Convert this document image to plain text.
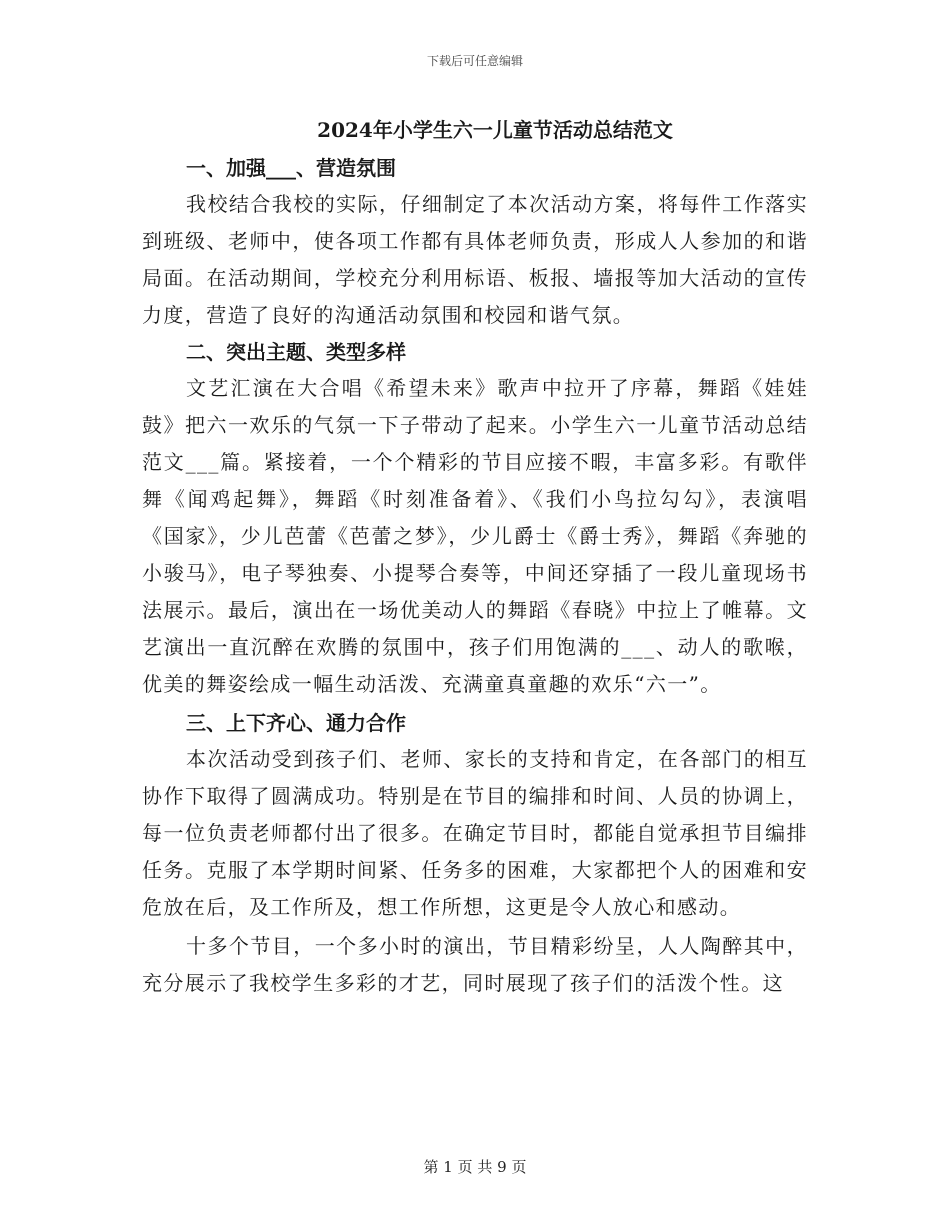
下载后可任意编辑
2024年小学生六一儿童节活动总结范文
一、加强___、营造氛围

我校结合我校的实际，仔细制定了本次活动方案，将每件工作落实到班级、老师中，使各项工作都有具体老师负责，形成人人参加的和谐局面。在活动期间，学校充分利用标语、板报、墙报等加大活动的宣传力度，营造了良好的沟通活动氛围和校园和谐气氛。

二、突出主题、类型多样

文艺汇演在大合唱《希望未来》歌声中拉开了序幕，舞蹈《娃娃鼓》把六一欢乐的气氛一下子带动了起来。小学生六一儿童节活动总结范文___篇。紧接着，一个个精彩的节目应接不暇，丰富多彩。有歌伴舞《闻鸡起舞》，舞蹈《时刻准备着》、《我们小鸟拉勾勾》，表演唱《国家》，少儿芭蕾《芭蕾之梦》，少儿爵士《爵士秀》，舞蹈《奔驰的小骏马》，电子琴独奏、小提琴合奏等，中间还穿插了一段儿童现场书法展示。最后，演出在一场优美动人的舞蹈《春晓》中拉上了帷幕。文艺演出一直沉醉在欢腾的氛围中，孩子们用饱满的___、动人的歌喉，优美的舞姿绘成一幅生动活泼、充满童真童趣的欢乐“六一”。

三、上下齐心、通力合作

本次活动受到孩子们、老师、家长的支持和肯定，在各部门的相互协作下取得了圆满成功。特别是在节目的编排和时间、人员的协调上，每一位负责老师都付出了很多。在确定节目时，都能自觉承担节目编排任务。克服了本学期时间紧、任务多的困难，大家都把个人的困难和安危放在后，及工作所及，想工作所想，这更是令人放心和感动。

十多个节目，一个多小时的演出，节目精彩纷呈，人人陶醉其中，充分展示了我校学生多彩的才艺，同时展现了孩子们的活泼个性。这

第 1 页 共 9 页
